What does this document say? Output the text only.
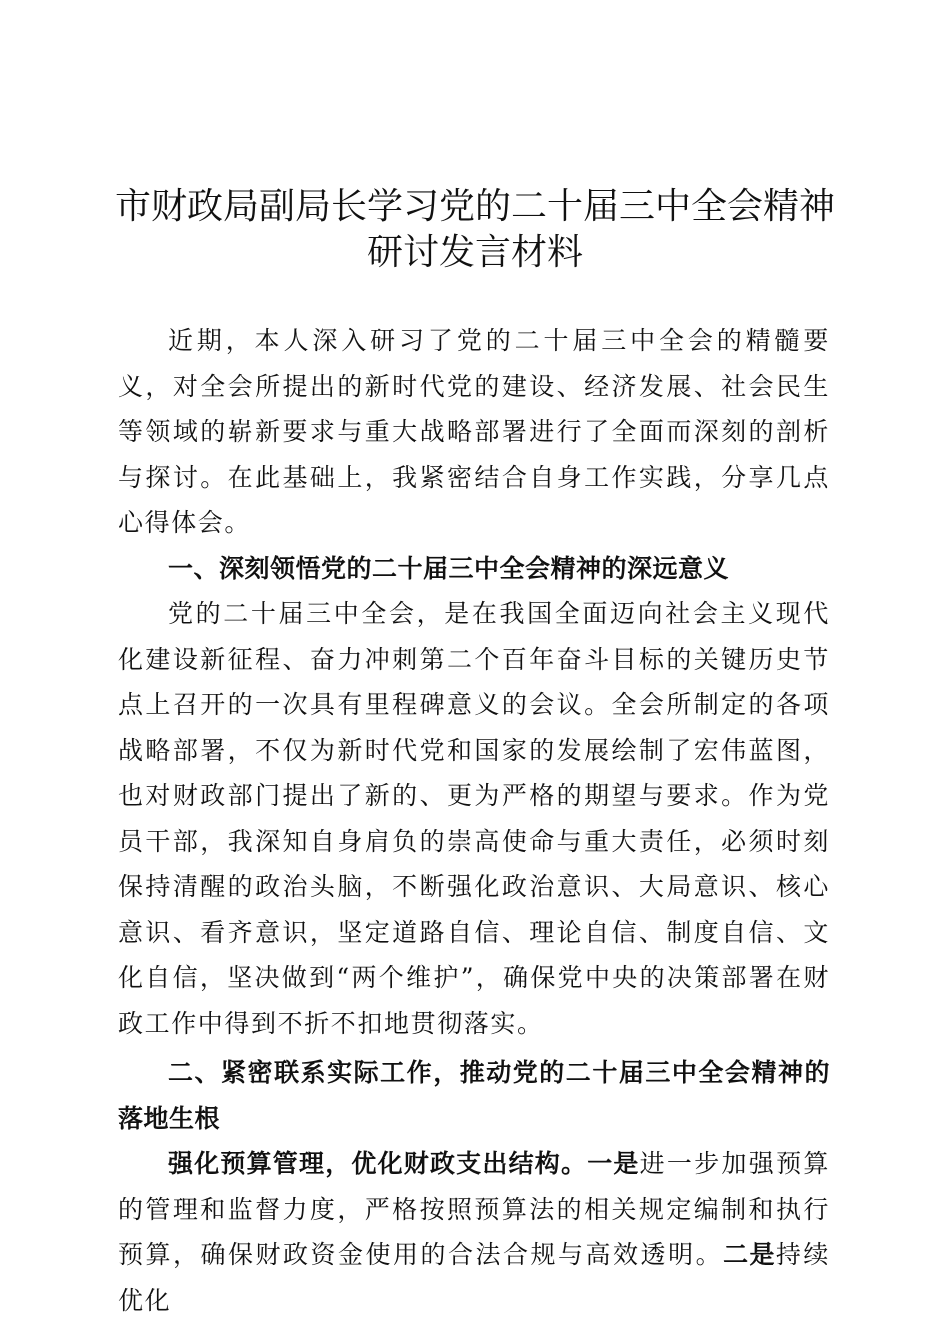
市财政局副局长学习党的二十届三中全会精神
研讨发言材料

近期，本人深入研习了党的二十届三中全会的精髓要义，对全会所提出的新时代党的建设、经济发展、社会民生等领域的崭新要求与重大战略部署进行了全面而深刻的剖析与探讨。在此基础上，我紧密结合自身工作实践，分享几点心得体会。

一、深刻领悟党的二十届三中全会精神的深远意义

党的二十届三中全会，是在我国全面迈向社会主义现代化建设新征程、奋力冲刺第二个百年奋斗目标的关键历史节点上召开的一次具有里程碑意义的会议。全会所制定的各项战略部署，不仅为新时代党和国家的发展绘制了宏伟蓝图，也对财政部门提出了新的、更为严格的期望与要求。作为党员干部，我深知自身肩负的崇高使命与重大责任，必须时刻保持清醒的政治头脑，不断强化政治意识、大局意识、核心意识、看齐意识，坚定道路自信、理论自信、制度自信、文化自信，坚决做到“两个维护”，确保党中央的决策部署在财政工作中得到不折不扣地贯彻落实。

二、紧密联系实际工作，推动党的二十届三中全会精神的落地生根

强化预算管理，优化财政支出结构。一是进一步加强预算的管理和监督力度，严格按照预算法的相关规定编制和执行预算，确保财政资金使用的合法合规与高效透明。二是持续优化
